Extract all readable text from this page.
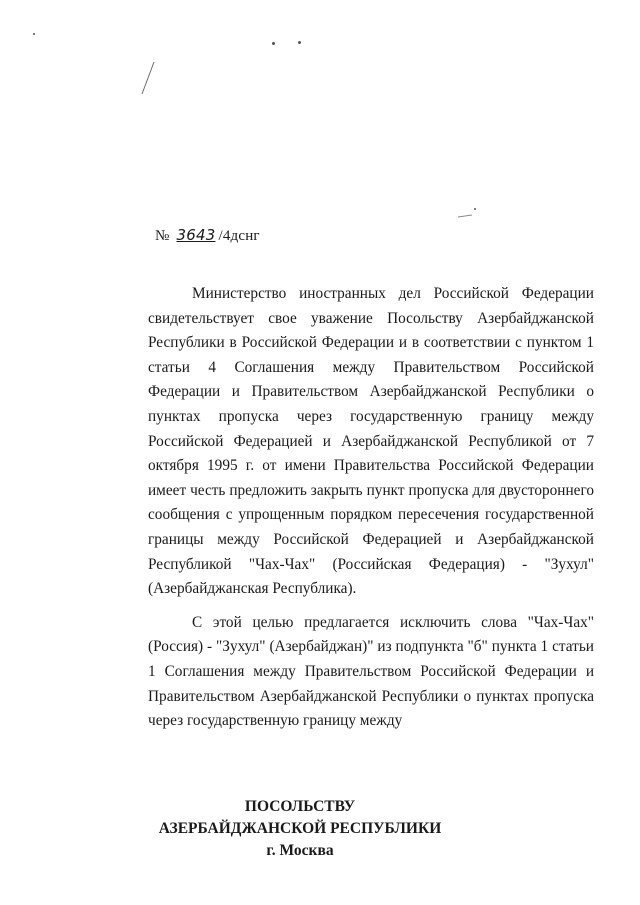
№ 3643 /4дснг

Министерство иностранных дел Российской Федерации свидетельствует свое уважение Посольству Азербайджанской Республики в Российской Федерации и в соответствии с пунктом 1 статьи 4 Соглашения между Правительством Российской Федерации и Правительством Азербайджанской Республики о пунктах пропуска через государственную границу между Российской Федерацией и Азербайджанской Республикой от 7 октября 1995 г. от имени Правительства Российской Федерации имеет честь предложить закрыть пункт пропуска для двустороннего сообщения с упрощенным порядком пересечения государственной границы между Российской Федерацией и Азербайджанской Республикой "Чах-Чах" (Российская Федерация) - "Зухул" (Азербайджанская Республика).

С этой целью предлагается исключить слова "Чах-Чах" (Россия) - "Зухул" (Азербайджан)" из подпункта "б" пункта 1 статьи 1 Соглашения между Правительством Российской Федерации и Правительством Азербайджанской Республики о пунктах пропуска через государственную границу между

ПОСОЛЬСТВУ
АЗЕРБАЙДЖАНСКОЙ РЕСПУБЛИКИ
г. Москва
